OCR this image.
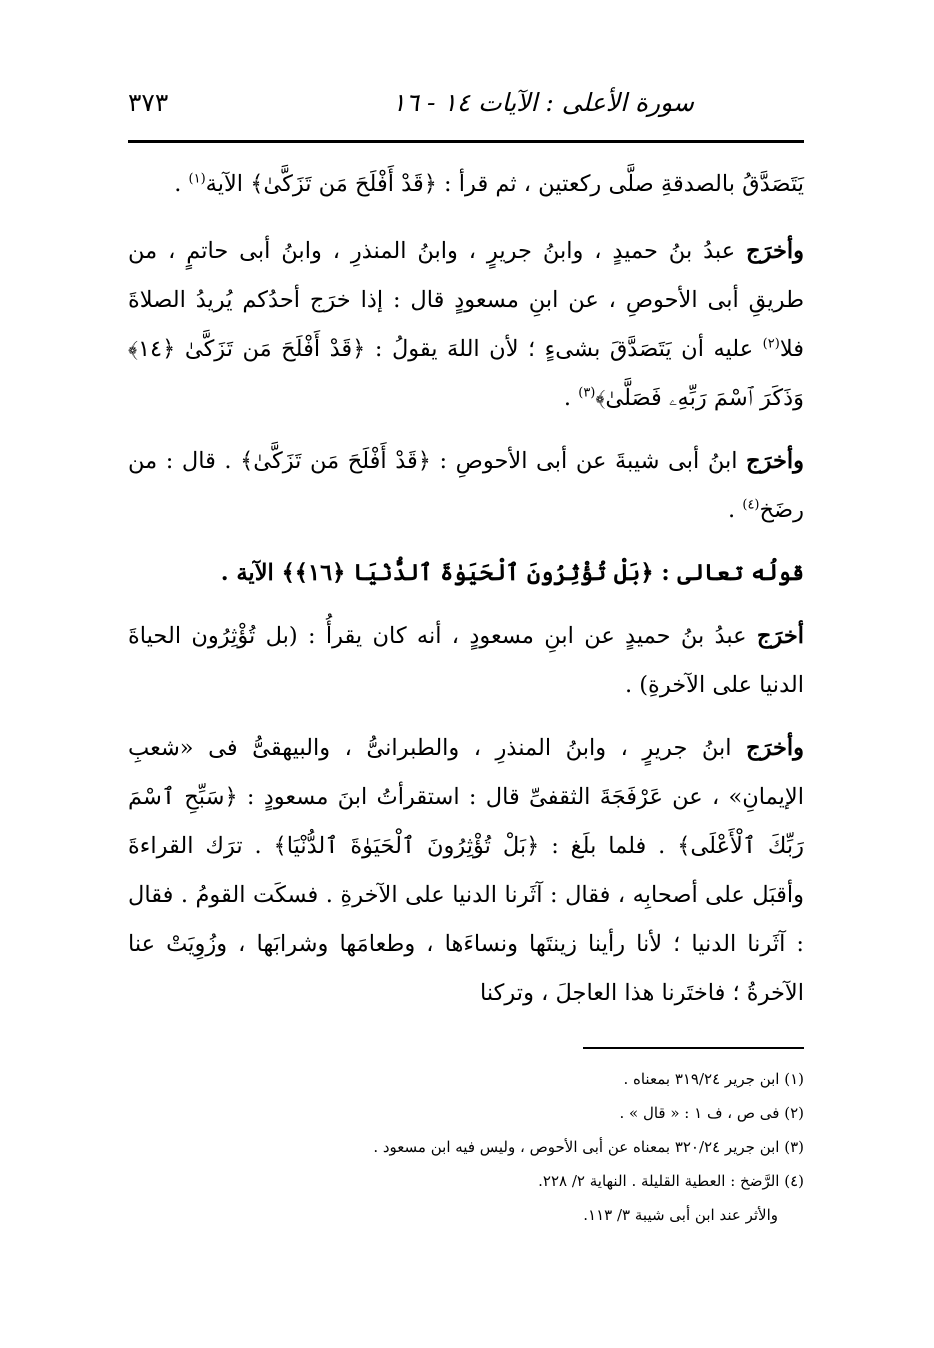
٣٧٣	سورة الأعلى : الآيات ١٤ - ١٦

يَتَصَدَّقُ بالصدقةِ صلَّى ركعتين ، ثم قرأ : ﴿قَدْ أَفْلَحَ مَن تَزَكَّىٰ﴾ الآية$^{(١)}$ .

وأخرَج عبدُ بنُ حميدٍ ، وابنُ جريرٍ ، وابنُ المنذرِ ، وابنُ أبى حاتمٍ ، من طريقِ أبى الأحوصِ ، عن ابنِ مسعودٍ قال : إذا خرَج أحدُكم يُريدُ الصلاةَ فلا$^{(٢)}$ عليه أن يَتَصَدَّقَ بشىءٍ ؛ لأن اللهَ يقولُ : ﴿قَدْ أَفْلَحَ مَن تَزَكَّىٰ ﴿١٤﴾ وَذَكَرَ ٱسْمَ رَبِّهِۦ فَصَلَّىٰ﴾$^{(٣)}$ .

وأخرَج ابنُ أبى شيبةَ عن أبى الأحوصِ : ﴿قَدْ أَفْلَحَ مَن تَزَكَّىٰ﴾ . قال : من رضَخ$^{(٤)}$ .

قولُه تعالى : ﴿بَلْ تُؤْثِرُونَ ٱلْحَيَوٰةَ ٱلدُّنْيَا ﴿١٦﴾﴾ الآية .

أخرَج عبدُ بنُ حميدٍ عن ابنِ مسعودٍ ، أنه كان يقرأُ : (بل تُؤْثِرُون الحياةَ الدنيا على الآخرةِ) .

وأخرَج ابنُ جريرٍ ، وابنُ المنذرِ ، والطبرانىُّ ، والبيهقىُّ فى «شعبِ الإيمانِ» ، عن عَرْفَجَةَ الثقفىِّ قال : استقرأتُ ابنَ مسعودٍ : ﴿سَبِّحِ ٱسْمَ رَبِّكَ ٱلْأَعْلَى﴾ . فلما بلَغ : ﴿بَلْ تُؤْثِرُونَ ٱلْحَيَوٰةَ ٱلدُّنْيَا﴾ . ترَك القراءةَ وأقبَل على أصحابِه ، فقال : آثَرنا الدنيا على الآخرةِ . فسكَت القومُ . فقال : آثَرنا الدنيا ؛ لأنا رأينا زينتَها ونساءَها ، وطعامَها وشرابَها ، وزُوِيَتْ عنا الآخرةُ ؛ فاختَرنا هذا العاجلَ ، وتركنا

(١) ابن جرير ٣١٩/٢٤ بمعناه .

(٢) فى ص ، ف ١ : « قال » .

(٣) ابن جرير ٣٢٠/٢٤ بمعناه عن أبى الأحوص ، وليس فيه ابن مسعود .

(٤) الرَّضخ : العطية القليلة . النهاية ٢/ ٢٢٨.

والأثر عند ابن أبى شيبة ٣/ ١١٣.
